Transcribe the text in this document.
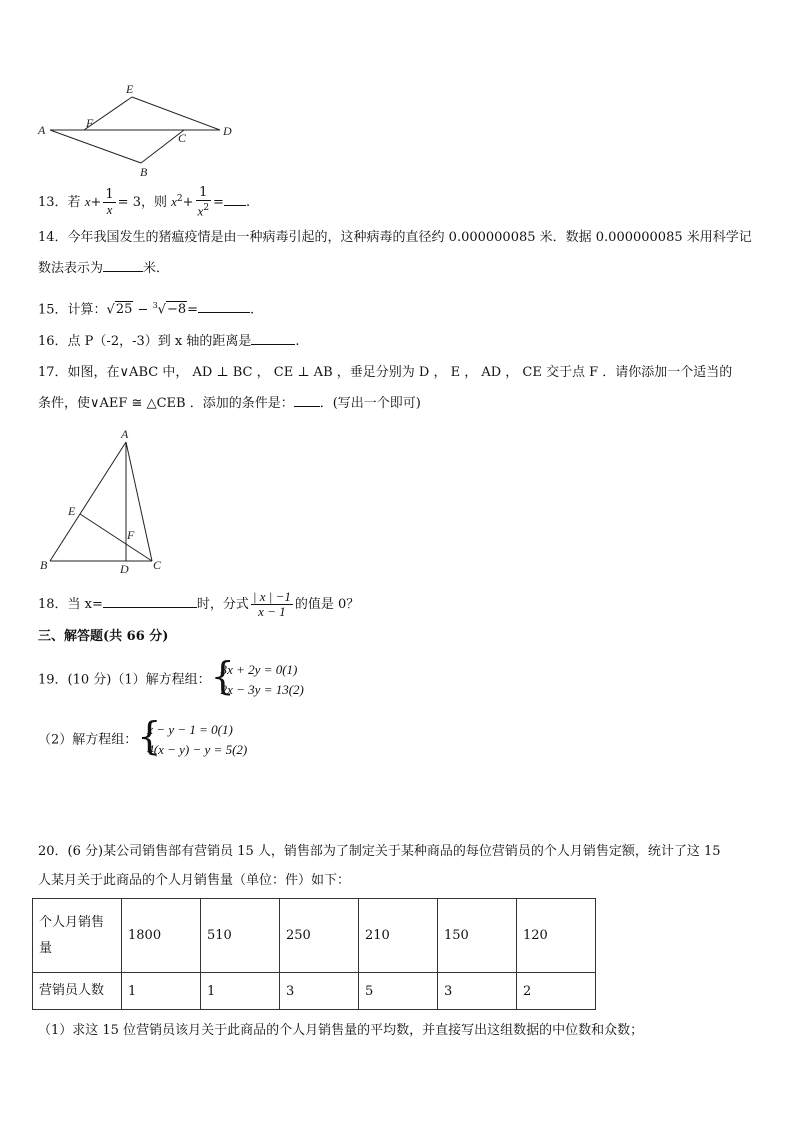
A
E
F
C	D
B
13．若 $x+ \frac{1}{x} = 3$，则 $x^2+ \frac{1}{x^2}$ = .
14．今年我国发生的猪瘟疫情是由一种病毒引起的，这种病毒的直径约 0.000000085 米．数据 0.000000085 米用科学记
数法表示为	米．
15．计算：√25 − $^3$√−8=	.
16．点 P（-2，-3）到 x 轴的距离是	.
17．如图，在∨ABC 中， AD ⊥ BC ， CE ⊥ AB ，垂足分别为 D ， E ， AD ， CE 交于点 F ．请你添加一个适当的
条件，使∨AEF ≅ △CEB ．添加的条件是： ．(写出一个即可)
A
E
F
B	D C
18．当 x=	时，分式 $\frac{| x | -1}{x - 1}$ 的值是 0？
三、解答题(共 66 分)
19．(10 分)（1）解方程组： {
3x + 2y = 0(1)
2x − 3y = 13(2)
（2）解方程组： {
x − y − 1 = 0(1)
4(x − y) − y = 5(2)
20．(6 分)某公司销售部有营销员 15 人，销售部为了制定关于某种商品的每位营销员的个人月销售定额，统计了这 15
人某月关于此商品的个人月销售量（单位：件）如下：
个人月销售量	1800	510	250	210	150	120
营销员人数	1	1	3	5	3	2
（1）求这 15 位营销员该月关于此商品的个人月销售量的平均数，并直接写出这组数据的中位数和众数；
